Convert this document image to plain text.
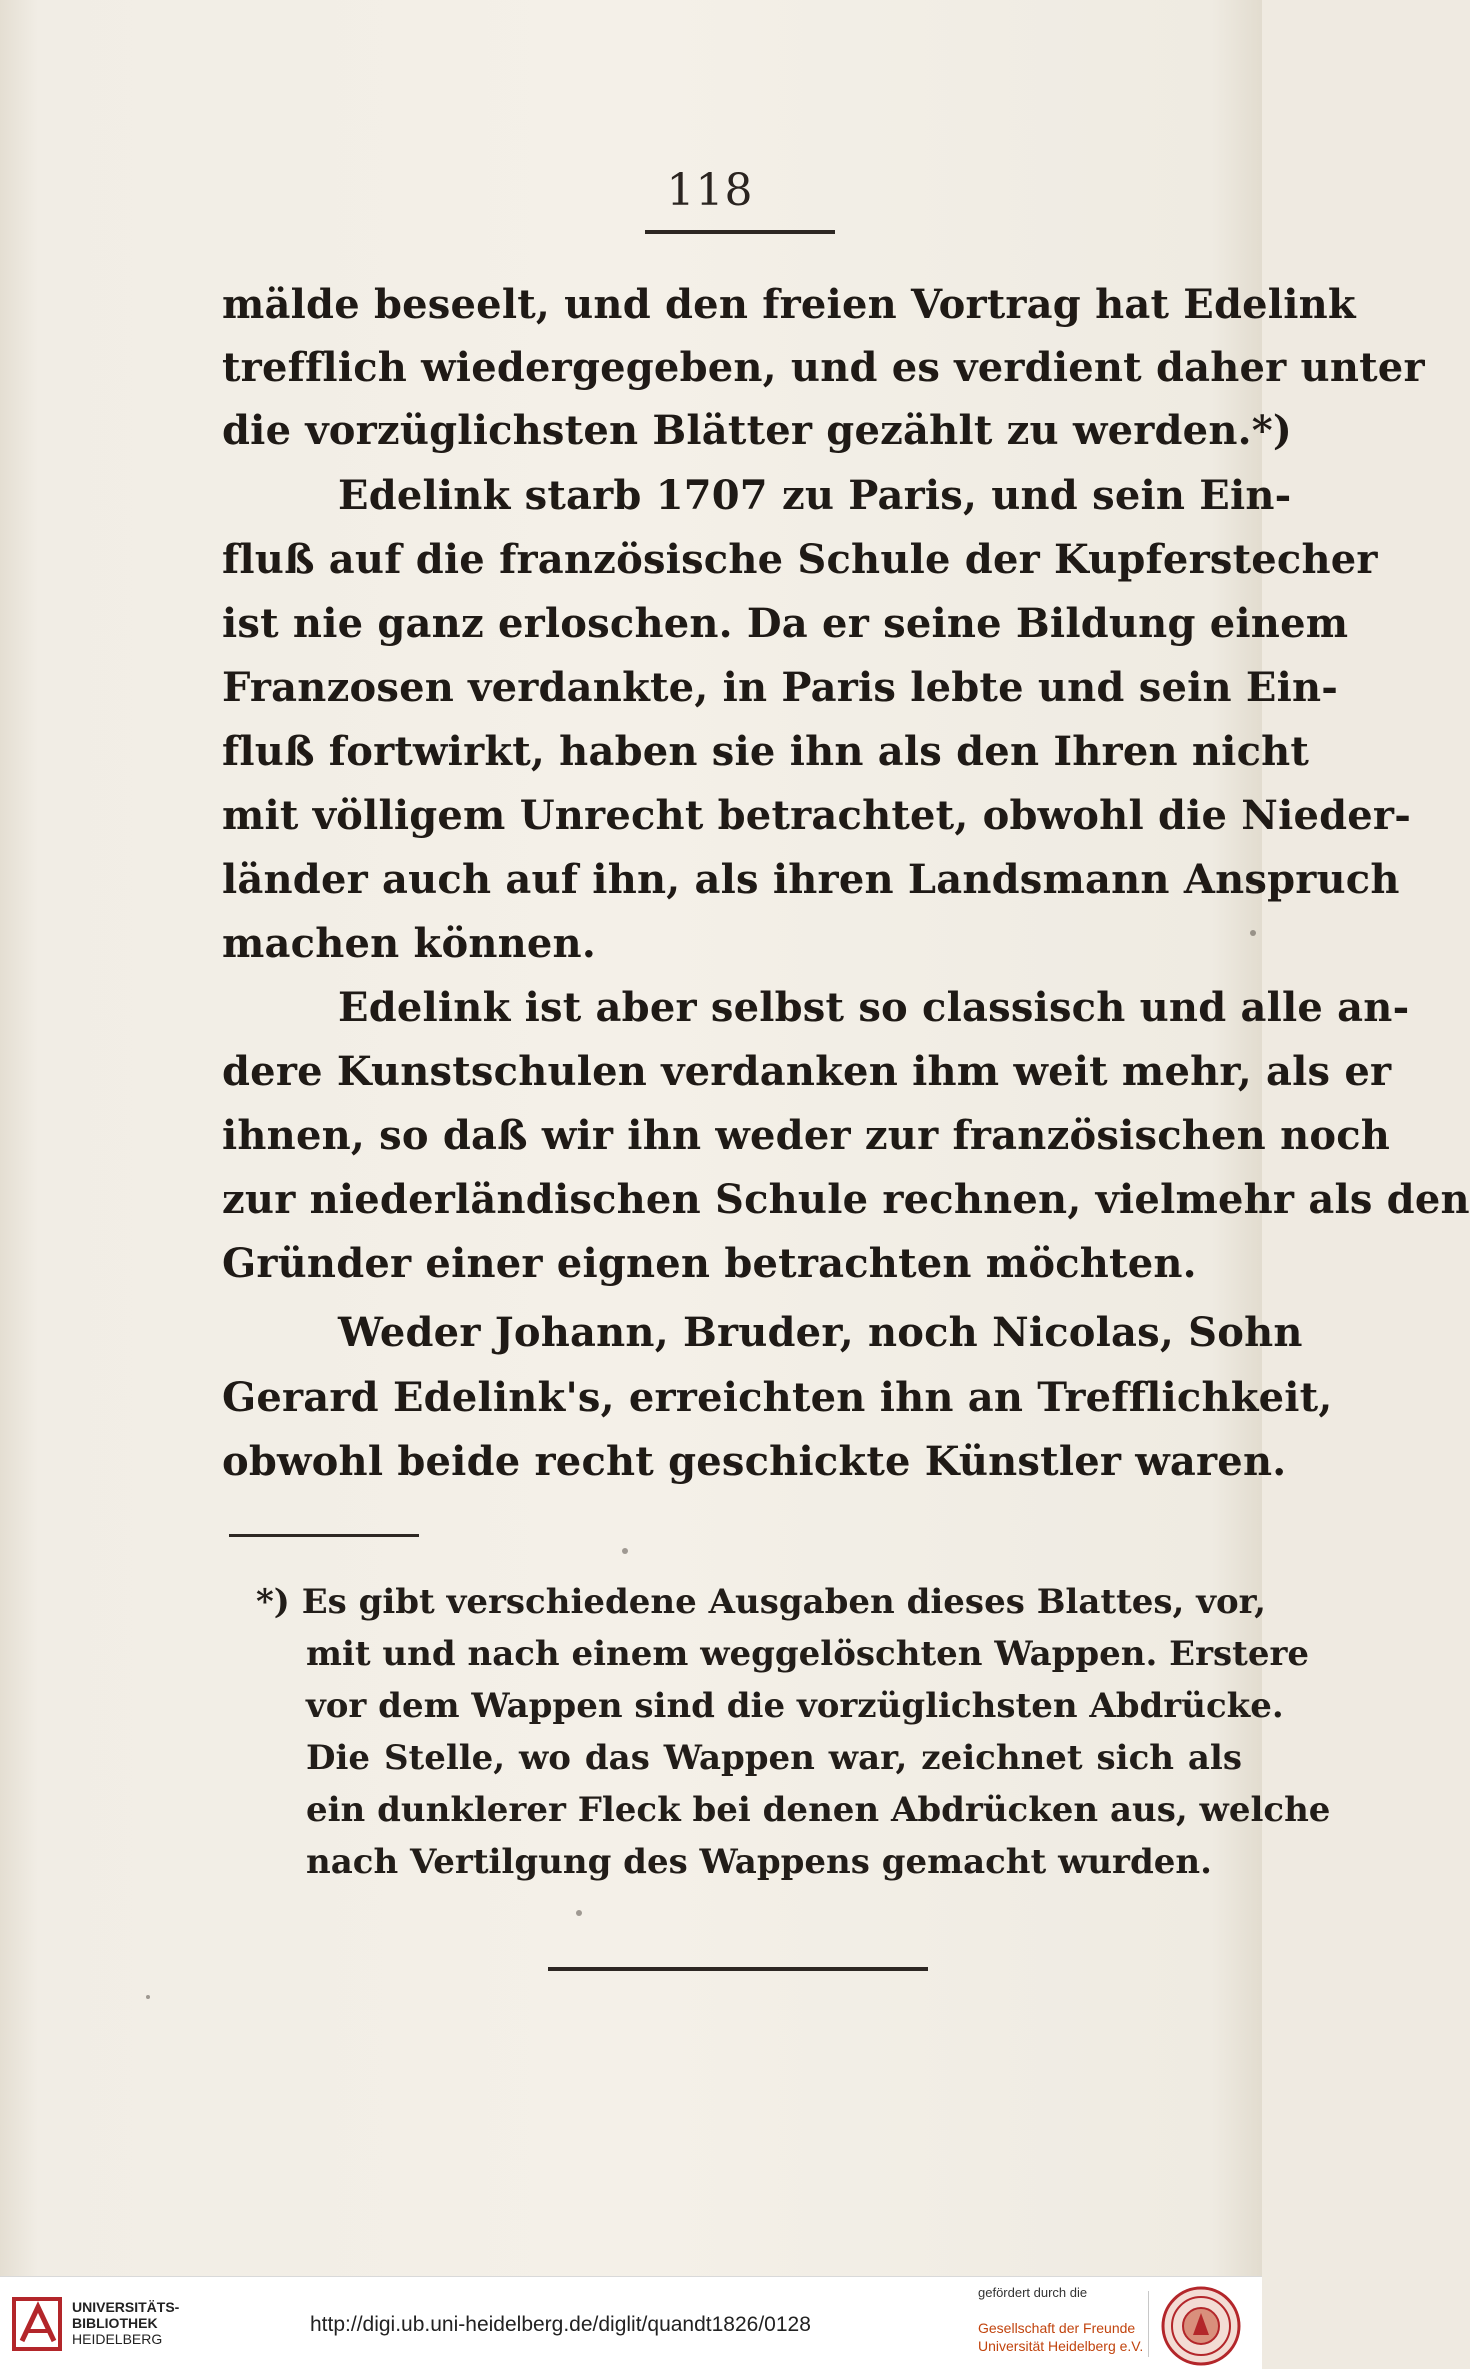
118
mälde beseelt, und den freien Vortrag hat Edelink
trefflich wiedergegeben, und es verdient daher unter
die vorzüglichsten Blätter gezählt zu werden.*)
Edelink starb 1707 zu Paris, und sein Ein-
fluß auf die französische Schule der Kupferstecher
ist nie ganz erloschen. Da er seine Bildung einem
Franzosen verdankte, in Paris lebte und sein Ein-
fluß fortwirkt, haben sie ihn als den Ihren nicht
mit völligem Unrecht betrachtet, obwohl die Nieder-
länder auch auf ihn, als ihren Landsmann Anspruch
machen können.
Edelink ist aber selbst so classisch und alle an-
dere Kunstschulen verdanken ihm weit mehr, als er
ihnen, so daß wir ihn weder zur französischen noch
zur niederländischen Schule rechnen, vielmehr als den
Gründer einer eignen betrachten möchten.
Weder Johann, Bruder, noch Nicolas, Sohn
Gerard Edelink's, erreichten ihn an Trefflichkeit,
obwohl beide recht geschickte Künstler waren.
*) Es gibt verschiedene Ausgaben dieses Blattes, vor,
mit und nach einem weggelöschten Wappen. Erstere
vor dem Wappen sind die vorzüglichsten Abdrücke.
Die Stelle, wo das Wappen war, zeichnet sich als
ein dunklerer Fleck bei denen Abdrücken aus, welche
nach Vertilgung des Wappens gemacht wurden.
UNIVERSITÄTS-
BIBLIOTHEK
HEIDELBERG
http://digi.ub.uni-heidelberg.de/diglit/quandt1826/0128
gefördert durch die
Gesellschaft der Freunde
Universität Heidelberg e.V.
